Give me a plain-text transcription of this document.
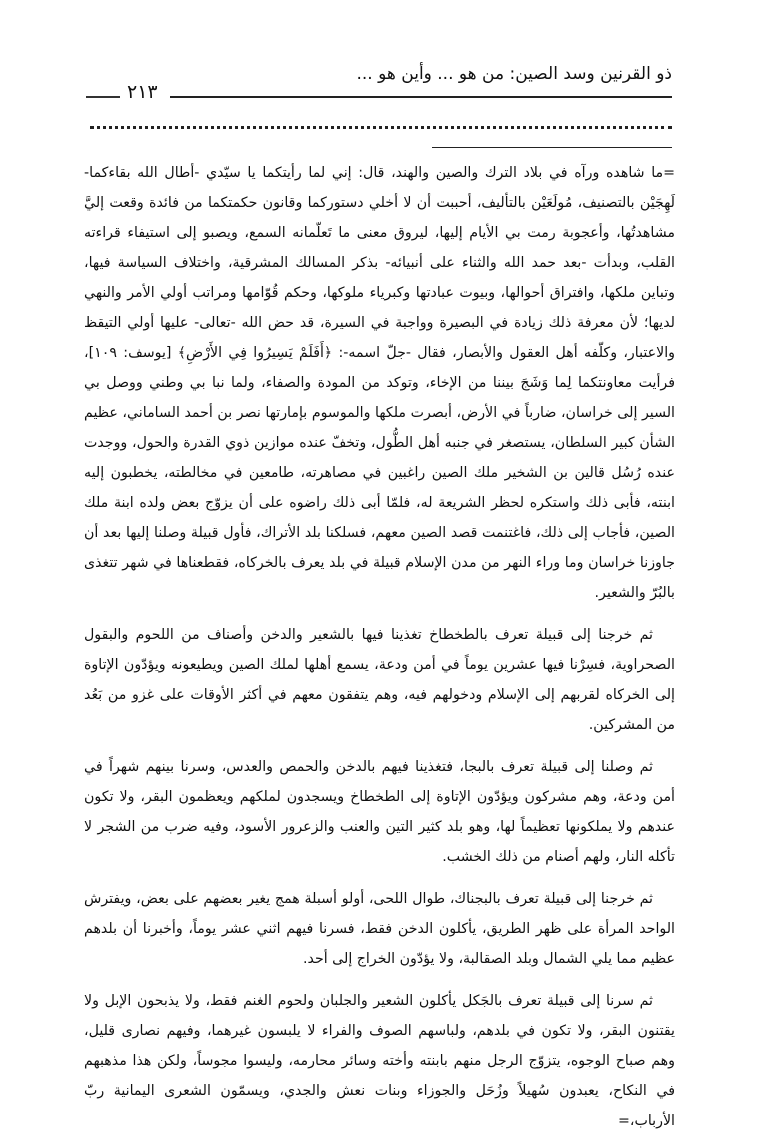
ذو القرنين وسد الصين: من هو ... وأين هو ...
٢١٣

=ما شاهده ورآه في بلاد الترك والصين والهند، قال: إني لما رأيتكما يا سيّدي -أطال الله بقاءكما- لَهِجَيْن بالتصنيف، مُولَعَيْن بالتأليف، أحببت أن لا أخلي دستوركما وقانون حكمتكما من فائدة وقعت إليَّ مشاهدتُها، وأعجوبة رمت بي الأيام إليها، ليروق معنى ما تَعلّمانه السمع، ويصبو إلى استيفاء قراءته القلب، وبدأت -بعد حمد الله والثناء على أنبيائه- بذكر المسالك المشرقية، واختلاف السياسة فيها، وتباين ملكها، وافتراق أحوالها، وبيوت عبادتها وكبرياء ملوكها، وحكم قُوّامها ومراتب أولي الأمر والنهي لديها؛ لأن معرفة ذلك زيادة في البصيرة وواجبة في السيرة، قد حض الله -تعالى- عليها أولي التيقظ والاعتبار، وكلّفه أهل العقول والأبصار، فقال -جلّ اسمه-: ﴿أَفَلَمْ يَسِيرُوا فِي الأَرْضِ﴾ [يوسف: ١٠٩]، فرأيت معاونتكما لِما وَشَجَ بيننا من الإخاء، وتوكد من المودة والصفاء، ولما نبا بي وطني ووصل بي السير إلى خراسان، ضارباً في الأرض، أبصرت ملكها والموسوم بإمارتها نصر بن أحمد الساماني، عظيم الشأن كبير السلطان، يستصغر في جنبه أهل الطُّول، وتخفّ عنده موازين ذوي القدرة والحول، ووجدت عنده رُسُل قالين بن الشخير ملك الصين راغبين في مصاهرته، طامعين في مخالطته، يخطبون إليه ابنته، فأبى ذلك واستكره لحظر الشريعة له، فلمّا أبى ذلك راضوه على أن يزوّج بعض ولده ابنة ملك الصين، فأجاب إلى ذلك، فاغتنمت قصد الصين معهم، فسلكنا بلد الأتراك، فأول قبيلة وصلنا إليها بعد أن جاوزنا خراسان وما وراء النهر من مدن الإسلام قبيلة في بلد يعرف بالخركاه، فقطعناها في شهر تتغذى بالبُرّ والشعير.

ثم خرجنا إلى قبيلة تعرف بالطخطاخ تغذينا فيها بالشعير والدخن وأصناف من اللحوم والبقول الصحراوية، فسِرْنا فيها عشرين يوماً في أمن ودعة، يسمع أهلها لملك الصين ويطيعونه ويؤدّون الإتاوة إلى الخركاه لقربهم إلى الإسلام ودخولهم فيه، وهم يتفقون معهم في أكثر الأوقات على غزو من بَعُد من المشركين.

ثم وصلنا إلى قبيلة تعرف بالبجا، فتغذينا فيهم بالدخن والحمص والعدس، وسرنا بينهم شهراً في أمن ودعة، وهم مشركون ويؤدّون الإتاوة إلى الطخطاخ ويسجدون لملكهم ويعظمون البقر، ولا تكون عندهم ولا يملكونها تعظيماً لها، وهو بلد كثير التين والعنب والزعرور الأسود، وفيه ضرب من الشجر لا تأكله النار، ولهم أصنام من ذلك الخشب.

ثم خرجنا إلى قبيلة تعرف بالبجناك، طوال اللحى، أولو أسبلة همج يغير بعضهم على بعض، ويفترش الواحد المرأة على ظهر الطريق، يأكلون الدخن فقط، فسرنا فيهم اثني عشر يوماً، وأخبرنا أن بلدهم عظيم مما يلي الشمال وبلد الصقالبة، ولا يؤدّون الخراج إلى أحد.

ثم سرنا إلى قبيلة تعرف بالجَكل يأكلون الشعير والجلبان ولحوم الغنم فقط، ولا يذبحون الإبل ولا يقتنون البقر، ولا تكون في بلدهم، ولباسهم الصوف والفراء لا يلبسون غيرهما، وفيهم نصارى قليل، وهم صباح الوجوه، يتزوّج الرجل منهم بابنته وأخته وسائر محارمه، وليسوا مجوساً، ولكن هذا مذهبهم في النكاح، يعبدون سُهيلاً وزُحَل والجوزاء وبنات نعش والجدي، ويسمّون الشعرى اليمانية ربّ الأرباب،=
